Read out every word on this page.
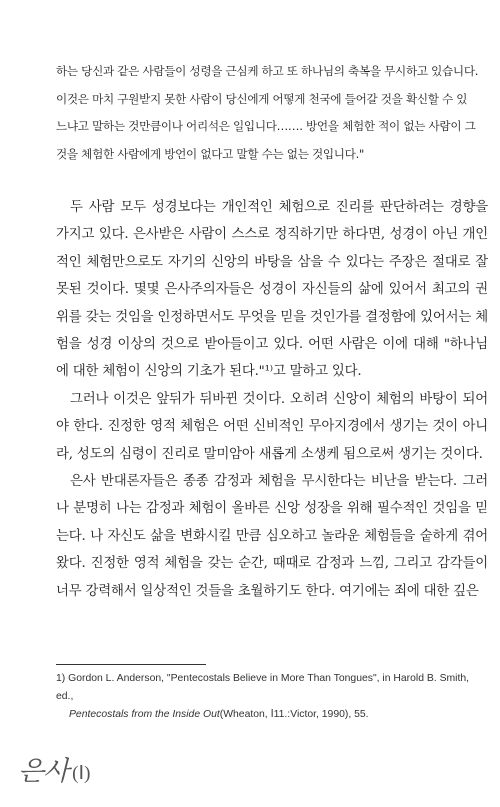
하는 당신과 같은 사람들이 성령을 근심케 하고 또 하나님의 축복을 무시하고 있습니다.

이것은 마치 구원받지 못한 사람이 당신에게 어떻게 천국에 들어갈 것을 확신할 수 있

느냐고 말하는 것만큼이나 어리석은 일입니다……. 방언을 체험한 적이 없는 사람이 그

것을 체험한 사람에게 방언이 없다고 말할 수는 없는 것입니다."

두 사람 모두 성경보다는 개인적인 체험으로 진리를 판단하려는 경향을 가지고 있다. 은사받은 사람이 스스로 정직하기만 하다면, 성경이 아닌 개인적인 체험만으로도 자기의 신앙의 바탕을 삼을 수 있다는 주장은 절대로 잘못된 것이다. 몇몇 은사주의자들은 성경이 자신들의 삶에 있어서 최고의 권위를 갖는 것임을 인정하면서도 무엇을 믿을 것인가를 결정함에 있어서는 체험을 성경 이상의 것으로 받아들이고 있다. 어떤 사람은 이에 대해 "하나님에 대한 체험이 신앙의 기초가 된다."¹⁾고 말하고 있다.

그러나 이것은 앞뒤가 뒤바뀐 것이다. 오히려 신앙이 체험의 바탕이 되어야 한다. 진정한 영적 체험은 어떤 신비적인 무아지경에서 생기는 것이 아니라, 성도의 심령이 진리로 말미암아 새롭게 소생케 됨으로써 생기는 것이다.

은사 반대론자들은 종종 감정과 체험을 무시한다는 비난을 받는다. 그러나 분명히 나는 감정과 체험이 올바른 신앙 성장을 위해 필수적인 것임을 믿는다. 나 자신도 삶을 변화시킬 만큼 심오하고 놀라운 체험들을 숱하게 겪어 왔다. 진정한 영적 체험을 갖는 순간, 때때로 감정과 느낌, 그리고 감각들이 너무 강력해서 일상적인 것들을 초월하기도 한다. 여기에는 죄에 대한 깊은

1) Gordon L. Anderson, "Pentecostals Believe in More Than Tongues", in Harold B. Smith, ed.,
Pentecostals from the Inside Out(Wheaton, Ⅰ11.:Victor, 1990), 55.
은사 (Ⅰ)
